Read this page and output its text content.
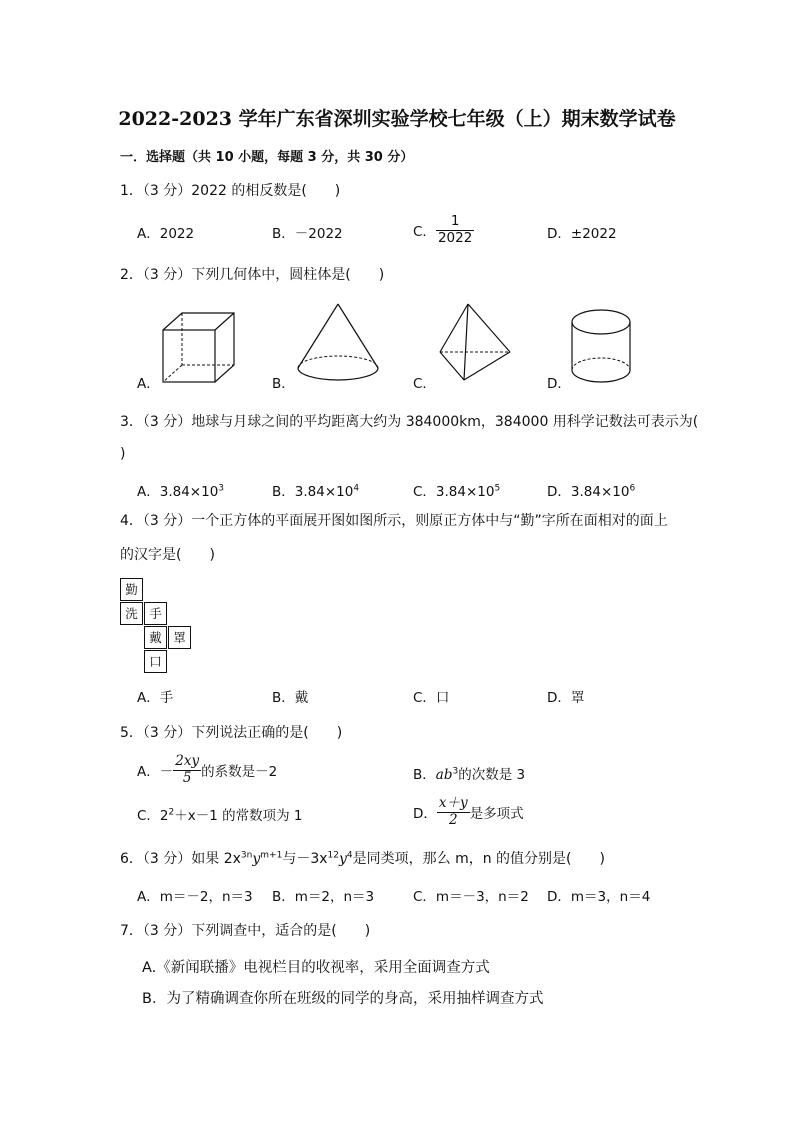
2022-2023 学年广东省深圳实验学校七年级（上）期末数学试卷
一．选择题（共 10 小题，每题 3 分，共 30 分）
1．（3 分）2022 的相反数是(　　)
A．2022	B．－2022	C． $\frac{1}{2022}$	D．±2022
2．（3 分）下列几何体中，圆柱体是(　　)
A．	B．	C．	D．
3．（3 分）地球与月球之间的平均距离大约为 384000km，384000 用科学记数法可表示为(
)
A．$3.84\times 10^3$	B．$3.84\times 10^4$	C．$3.84\times 10^5$	D．$3.84\times 10^6$
4．（3 分）一个正方体的平面展开图如图所示，则原正方体中与“勤”字所在面相对的面上
的汉字是(　　)
勤
洗 手
戴 罩
口
A．手	B．戴	C．口	D．罩
5．（3 分）下列说法正确的是(　　)
A．－ $\frac{2xy}{5}$ 的系数是－2	B．$ab^3$的次数是 3
C．$2^2+x-1$ 的常数项为 1	D． $\frac{x+y}{2}$ 是多项式
6．（3 分）如果 $2x^{3n}y^{m+1}$与$-3x^{12}y^4$是同类项，那么 m，n 的值分别是(　　)
A．m＝－2，n＝3 B．m＝2，n＝3	C．m＝－3，n＝2 D．m＝3，n＝4
7．（3 分）下列调查中，适合的是(　　)
A.《新闻联播》电视栏目的收视率，采用全面调查方式
B．为了精确调查你所在班级的同学的身高，采用抽样调查方式
